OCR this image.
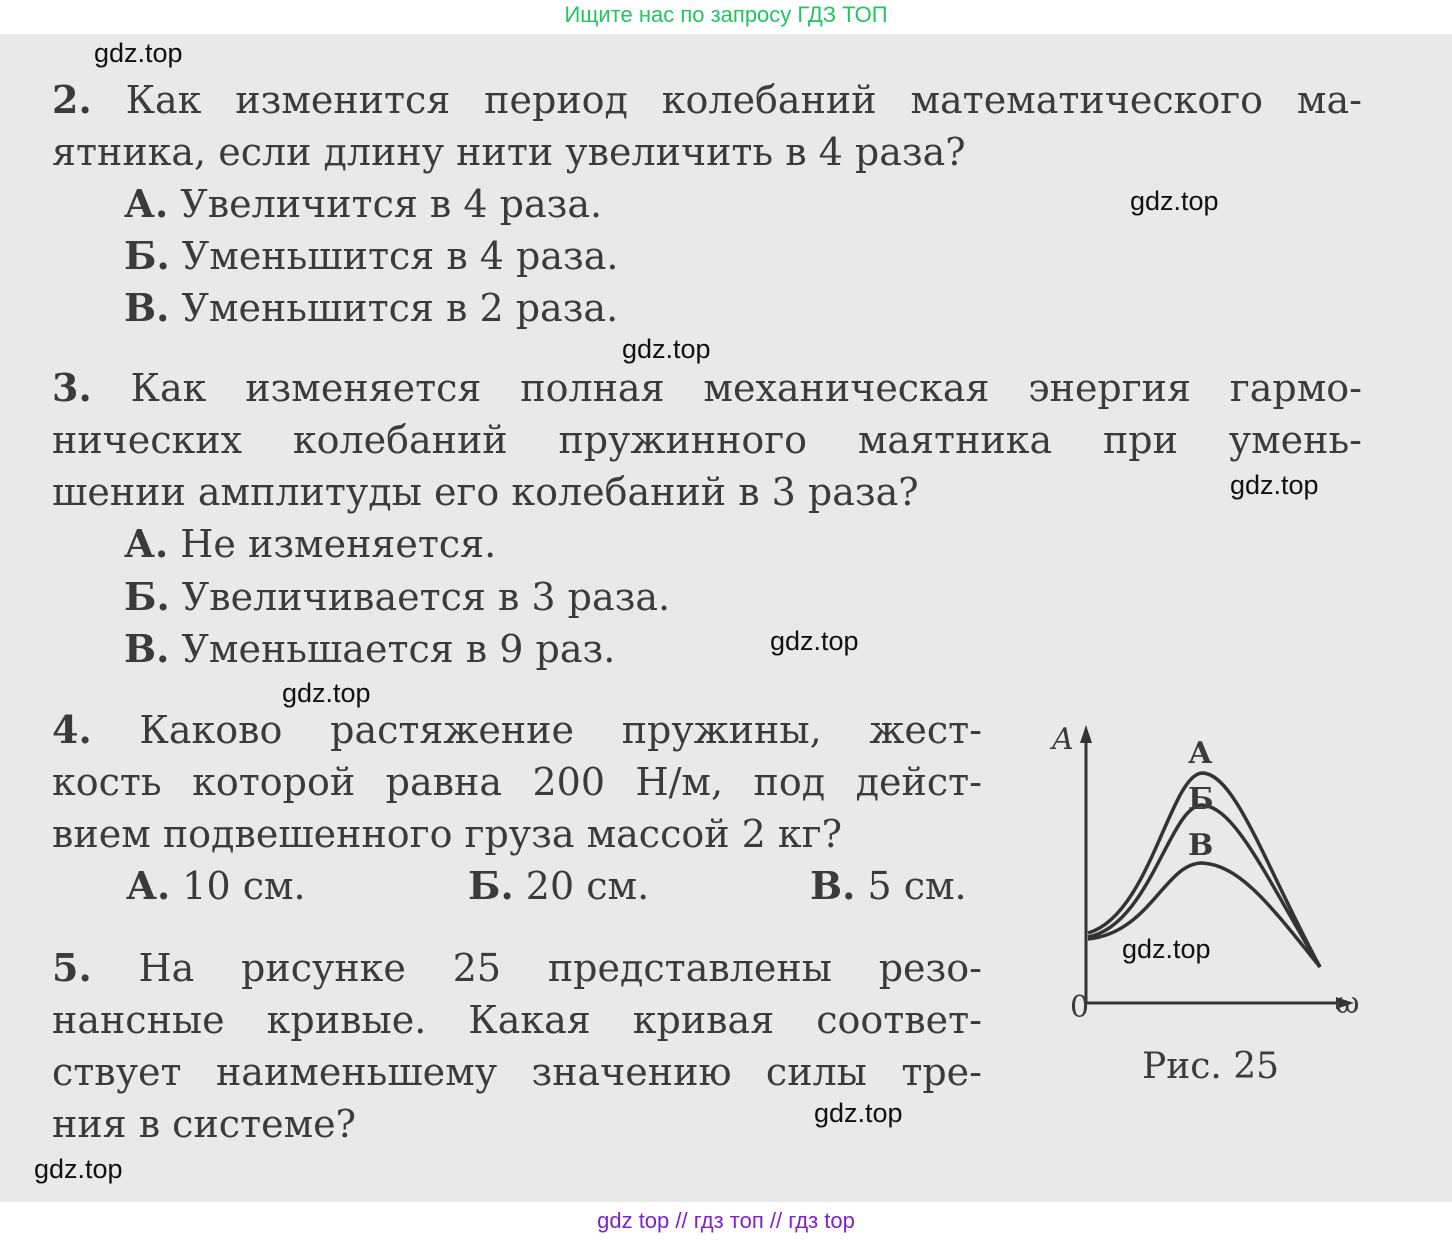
Ищите нас по запросу ГДЗ ТОП
2. Как изменится период колебаний математического ма-
ятника, если длину нити увеличить в 4 раза?
А. Увеличится в 4 раза.
Б. Уменьшится в 4 раза.
В. Уменьшится в 2 раза.
3. Как изменяется полная механическая энергия гармо-
нических колебаний пружинного маятника при умень-
шении амплитуды его колебаний в 3 раза?
А. Не изменяется.
Б. Увеличивается в 3 раза.
В. Уменьшается в 9 раз.
4. Каково растяжение пружины, жест-
кость которой равна 200 Н/м, под дейст-
вием подвешенного груза массой 2 кг?
А. 10 см.	Б. 20 см.	В. 5 см.
5. На рисунке 25 представлены резо-
нансные кривые. Какая кривая соответ-
ствует наименьшему значению силы тре-
ния в системе?
A
ω
0
А
Б
В
Рис. 25
gdz.top
gdz.top
gdz.top
gdz.top
gdz.top
gdz.top
gdz.top
gdz.top
gdz.top
gdz top // гдз топ // гдз top
